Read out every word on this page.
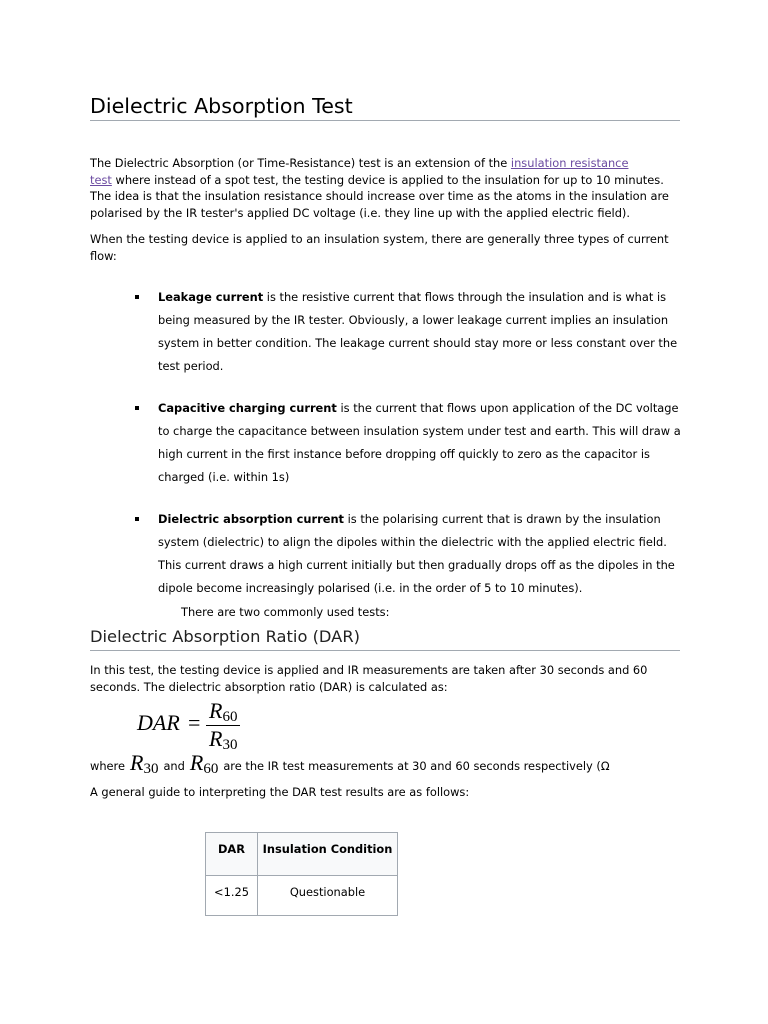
Dielectric Absorption Test
The Dielectric Absorption (or Time-Resistance) test is an extension of the insulation resistance
test where instead of a spot test, the testing device is applied to the insulation for up to 10 minutes.
The idea is that the insulation resistance should increase over time as the atoms in the insulation are
polarised by the IR tester's applied DC voltage (i.e. they line up with the applied electric field).
When the testing device is applied to an insulation system, there are generally three types of current
flow:
Leakage current is the resistive current that flows through the insulation and is what is
being measured by the IR tester. Obviously, a lower leakage current implies an insulation
system in better condition. The leakage current should stay more or less constant over the
test period.
Capacitive charging current is the current that flows upon application of the DC voltage
to charge the capacitance between insulation system under test and earth. This will draw a
high current in the first instance before dropping off quickly to zero as the capacitor is
charged (i.e. within 1s)
Dielectric absorption current is the polarising current that is drawn by the insulation
system (dielectric) to align the dipoles within the dielectric with the applied electric field.
This current draws a high current initially but then gradually drops off as the dipoles in the
dipole become increasingly polarised (i.e. in the order of 5 to 10 minutes).
There are two commonly used tests:
Dielectric Absorption Ratio (DAR)
In this test, the testing device is applied and IR measurements are taken after 30 seconds and 60
seconds. The dielectric absorption ratio (DAR) is calculated as:
DAR = R60
R30
where R30 and R60 are the IR test measurements at 30 and 60 seconds respectively (Ω
A general guide to interpreting the DAR test results are as follows:
DAR	Insulation Condition
<1.25	Questionable
